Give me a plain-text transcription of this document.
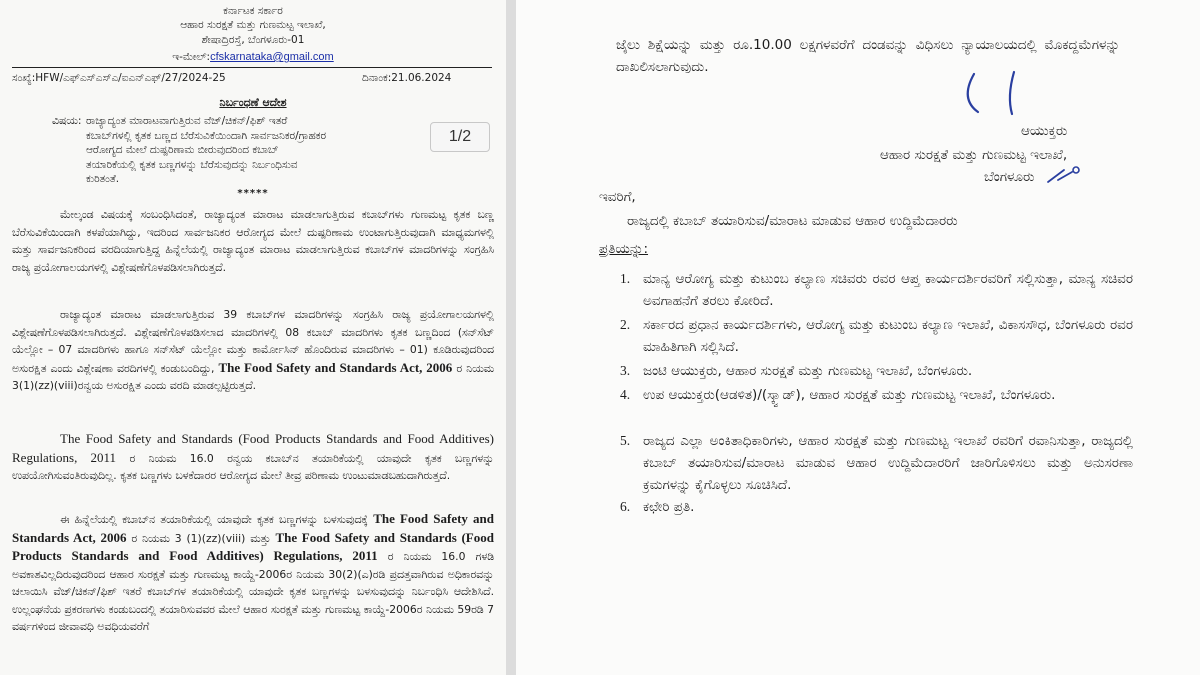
ಕರ್ನಾಟಕ ಸರ್ಕಾರ
ಆಹಾರ ಸುರಕ್ಷತೆ ಮತ್ತು ಗುಣಮಟ್ಟ ಇಲಾಖೆ,
ಶೇಷಾದ್ರಿರಸ್ತೆ, ಬೆಂಗಳೂರು-01
ಇ-ಮೇಲ್:cfskarnataka@gmail.com
ಸಂಖ್ಯೆ:HFW/ಎಫ್‌ಎಸ್‌ಎಸ್‌ಎ/ಐಎನ್‌ಎಫ್/27/2024-25	ದಿನಾಂಕ:21.06.2024
ನಿರ್ಬಂಧಣೆ ಆದೇಶ
ವಿಷಯ: ರಾಜ್ಯಾದ್ಯಂತ ಮಾರಾಟವಾಗುತ್ತಿರುವ ವೆಜ್/ಚಿಕನ್/ಫಿಶ್ ಇತರೆ
ಕಬಾಬ್‌ಗಳಲ್ಲಿ ಕೃತಕ ಬಣ್ಣದ ಬೆರೆಸುವಿಕೆಯಿಂದಾಗಿ ಸಾರ್ವಜನಿಕರ/ಗ್ರಾಹಕರ
ಆರೋಗ್ಯದ ಮೇಲೆ ದುಷ್ಪರಿಣಾಮ ಬೀರುವುದರಿಂದ ಕಬಾಬ್
ತಯಾರಿಕೆಯಲ್ಲಿ ಕೃತಕ ಬಣ್ಣಗಳನ್ನು ಬೆರೆಸುವುದನ್ನು ನಿರ್ಬಂಧಿಸುವ
ಕುರಿತಂತೆ.
1/2
*****
ಮೇಲ್ಕಂಡ ವಿಷಯಕ್ಕೆ ಸಂಬಂಧಿಸಿದಂತೆ, ರಾಜ್ಯಾದ್ಯಂತ ಮಾರಾಟ ಮಾಡಲಾಗುತ್ತಿರುವ ಕಬಾಬ್‌ಗಳು ಗುಣಮಟ್ಟ ಕೃತಕ ಬಣ್ಣ ಬೆರೆಸುವಿಕೆಯಿಂದಾಗಿ ಕಳಪೆಯಾಗಿದ್ದು, ಇದರಿಂದ ಸಾರ್ವಜನಿಕರ ಆರೋಗ್ಯದ ಮೇಲೆ ದುಷ್ಪರಿಣಾಮ ಉಂಟಾಗುತ್ತಿರುವುದಾಗಿ ಮಾಧ್ಯಮಗಳಲ್ಲಿ ಮತ್ತು ಸಾರ್ವಜನಿಕರಿಂದ ವರದಿಯಾಗುತ್ತಿದ್ದ ಹಿನ್ನೆಲೆಯಲ್ಲಿ ರಾಜ್ಯಾದ್ಯಂತ ಮಾರಾಟ ಮಾಡಲಾಗುತ್ತಿರುವ ಕಬಾಬ್‌ಗಳ ಮಾದರಿಗಳನ್ನು ಸಂಗ್ರಹಿಸಿ ರಾಜ್ಯ ಪ್ರಯೋಗಾಲಯಗಳಲ್ಲಿ ವಿಶ್ಲೇಷಣೆಗೊಳಪಡಿಸಲಾಗಿರುತ್ತದೆ.
ರಾಜ್ಯಾದ್ಯಂತ ಮಾರಾಟ ಮಾಡಲಾಗುತ್ತಿರುವ 39 ಕಬಾಬ್‌ಗಳ ಮಾದರಿಗಳನ್ನು ಸಂಗ್ರಹಿಸಿ ರಾಜ್ಯ ಪ್ರಯೋಗಾಲಯಗಳಲ್ಲಿ ವಿಶ್ಲೇಷಣೆಗೊಳಪಡಿಸಲಾಗಿರುತ್ತದೆ. ವಿಶ್ಲೇಷಣೆಗೊಳಪಡಿಸಲಾದ ಮಾದರಿಗಳಲ್ಲಿ 08 ಕಬಾಬ್ ಮಾದರಿಗಳು ಕೃತಕ ಬಣ್ಣದಿಂದ (ಸನ್‌ಸೆಟ್ ಯೆಲ್ಲೋ – 07 ಮಾದರಿಗಳು ಹಾಗೂ ಸನ್‌ಸೆಟ್ ಯೆಲ್ಲೋ ಮತ್ತು ಕಾರ್ಮೋಸಿನ್ ಹೊಂದಿರುವ ಮಾದರಿಗಳು – 01) ಕೂಡಿರುವುದರಿಂದ ಅಸುರಕ್ಷಿತ ಎಂದು ವಿಶ್ಲೇಷಣಾ ವರದಿಗಳಲ್ಲಿ ಕಂಡುಬಂದಿದ್ದು, The Food Safety and Standards Act, 2006 ರ ನಿಯಮ 3(1)(zz)(viii)ರನ್ವಯ ಅಸುರಕ್ಷಿತ ಎಂದು ವರದಿ ಮಾಡಲ್ಪಟ್ಟಿರುತ್ತದೆ.
The Food Safety and Standards (Food Products Standards and Food Additives) Regulations, 2011 ರ ನಿಯಮ 16.0 ರನ್ವಯ ಕಬಾಬ್‌ನ ತಯಾರಿಕೆಯಲ್ಲಿ ಯಾವುದೇ ಕೃತಕ ಬಣ್ಣಗಳನ್ನು ಉಪಯೋಗಿಸುವಂತಿರುವುದಿಲ್ಲ. ಕೃತಕ ಬಣ್ಣಗಳು ಬಳಕೆದಾರರ ಆರೋಗ್ಯದ ಮೇಲೆ ತೀವ್ರ ಪರಿಣಾಮ ಉಂಟುಮಾಡಬಹುದಾಗಿರುತ್ತದೆ.
ಈ ಹಿನ್ನೆಲೆಯಲ್ಲಿ ಕಬಾಬ್‌ನ ತಯಾರಿಕೆಯಲ್ಲಿ ಯಾವುದೇ ಕೃತಕ ಬಣ್ಣಗಳನ್ನು ಬಳಸುವುದಕ್ಕೆ The Food Safety and Standards Act, 2006 ರ ನಿಯಮ 3 (1)(zz)(viii) ಮತ್ತು The Food Safety and Standards (Food Products Standards and Food Additives) Regulations, 2011 ರ ನಿಯಮ 16.0 ಗಳಡಿ ಅವಕಾಶವಿಲ್ಲದಿರುವುದರಿಂದ ಆಹಾರ ಸುರಕ್ಷತೆ ಮತ್ತು ಗುಣಮಟ್ಟ ಕಾಯ್ದೆ-2006ರ ನಿಯಮ 30(2)(ಎ)ರಡಿ ಪ್ರದತ್ತವಾಗಿರುವ ಅಧಿಕಾರವನ್ನು ಚಲಾಯಿಸಿ ವೆಜ್/ಚಿಕನ್/ಫಿಶ್ ಇತರೆ ಕಬಾಬ್‌ಗಳ ತಯಾರಿಕೆಯಲ್ಲಿ ಯಾವುದೇ ಕೃತಕ ಬಣ್ಣಗಳನ್ನು ಬಳಸುವುದನ್ನು ನಿರ್ಬಂಧಿಸಿ ಆದೇಶಿಸಿದೆ. ಉಲ್ಲಂಘನೆಯ ಪ್ರಕರಣಗಳು ಕಂಡುಬಂದಲ್ಲಿ ತಯಾರಿಸುವವರ ಮೇಲೆ ಆಹಾರ ಸುರಕ್ಷತೆ ಮತ್ತು ಗುಣಮಟ್ಟ ಕಾಯ್ದೆ-2006ರ ನಿಯಮ 59ರಡಿ 7 ವರ್ಷಗಳಿಂದ ಜೀವಾವಧಿ ಅವಧಿಯವರೆಗೆ
ಜೈಲು ಶಿಕ್ಷೆಯನ್ನು ಮತ್ತು ರೂ.10.00 ಲಕ್ಷಗಳವರೆಗೆ ದಂಡವನ್ನು ವಿಧಿಸಲು ನ್ಯಾಯಾಲಯದಲ್ಲಿ ಮೊಕದ್ದಮೆಗಳನ್ನು ದಾಖಲಿಸಲಾಗುವುದು.
ಆಯುಕ್ತರು
ಆಹಾರ ಸುರಕ್ಷತೆ ಮತ್ತು ಗುಣಮಟ್ಟ ಇಲಾಖೆ,
ಬೆಂಗಳೂರು
ಇವರಿಗೆ,
ರಾಜ್ಯದಲ್ಲಿ ಕಬಾಬ್ ತಯಾರಿಸುವ/ಮಾರಾಟ ಮಾಡುವ ಆಹಾರ ಉದ್ದಿಮೆದಾರರು
ಪ್ರತಿಯನ್ನು:
1. ಮಾನ್ಯ ಆರೋಗ್ಯ ಮತ್ತು ಕುಟುಂಬ ಕಲ್ಯಾಣ ಸಚಿವರು ರವರ ಆಪ್ತ ಕಾರ್ಯದರ್ಶಿರವರಿಗೆ ಸಲ್ಲಿಸುತ್ತಾ, ಮಾನ್ಯ ಸಚಿವರ ಅವಗಾಹನೆಗೆ ತರಲು ಕೋರಿದೆ.
2. ಸರ್ಕಾರದ ಪ್ರಧಾನ ಕಾರ್ಯದರ್ಶಿಗಳು, ಆರೋಗ್ಯ ಮತ್ತು ಕುಟುಂಬ ಕಲ್ಯಾಣ ಇಲಾಖೆ, ವಿಕಾಸಸೌಧ, ಬೆಂಗಳೂರು ರವರ ಮಾಹಿತಿಗಾಗಿ ಸಲ್ಲಿಸಿದೆ.
3. ಜಂಟಿ ಆಯುಕ್ತರು, ಆಹಾರ ಸುರಕ್ಷತೆ ಮತ್ತು ಗುಣಮಟ್ಟ ಇಲಾಖೆ, ಬೆಂಗಳೂರು.
4. ಉಪ ಆಯುಕ್ತರು(ಆಡಳಿತ)/(ಸ್ಕ್ವಾಡ್), ಆಹಾರ ಸುರಕ್ಷತೆ ಮತ್ತು ಗುಣಮಟ್ಟ ಇಲಾಖೆ, ಬೆಂಗಳೂರು.
5. ರಾಜ್ಯದ ಎಲ್ಲಾ ಅಂಕಿತಾಧಿಕಾರಿಗಳು, ಆಹಾರ ಸುರಕ್ಷತೆ ಮತ್ತು ಗುಣಮಟ್ಟ ಇಲಾಖೆ ರವರಿಗೆ ರವಾನಿಸುತ್ತಾ, ರಾಜ್ಯದಲ್ಲಿ ಕಬಾಬ್ ತಯಾರಿಸುವ/ಮಾರಾಟ ಮಾಡುವ ಆಹಾರ ಉದ್ದಿಮೆದಾರರಿಗೆ ಜಾರಿಗೊಳಿಸಲು ಮತ್ತು ಅನುಸರಣಾ ಕ್ರಮಗಳನ್ನು ಕೈಗೊಳ್ಳಲು ಸೂಚಿಸಿದೆ.
6. ಕಛೇರಿ ಪ್ರತಿ.
